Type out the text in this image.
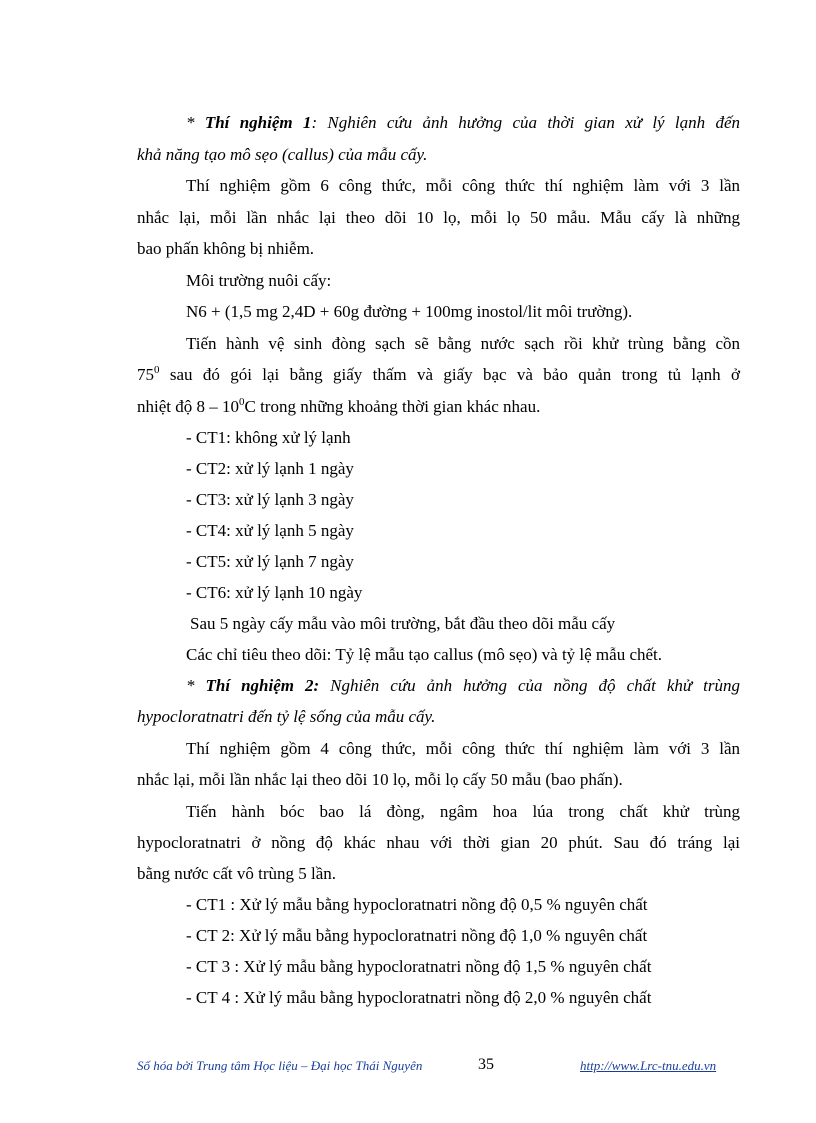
* Thí nghiệm 1: Nghiên cứu ảnh hưởng của thời gian xử lý lạnh đến
khả năng tạo mô sẹo (callus) của mẫu cấy.
Thí nghiệm gồm 6 công thức, mỗi công thức thí nghiệm làm với 3 lần
nhắc lại, mỗi lần nhắc lại theo dõi 10 lọ, mỗi lọ 50 mẫu. Mẫu cấy là những
bao phấn không bị nhiễm.
Môi trường nuôi cấy:
N6 + (1,5 mg 2,4D + 60g đường + 100mg inostol/lit môi trường).
Tiến hành vệ sinh đòng sạch sẽ bằng nước sạch rồi khử trùng bằng cồn
$75^0$ sau đó gói lại bằng giấy thấm và giấy bạc và bảo quản trong tủ lạnh ở
nhiệt độ $8 - 10^0C$ trong những khoảng thời gian khác nhau.
- CT1: không xử lý lạnh
- CT2: xử lý lạnh 1 ngày
- CT3: xử lý lạnh 3 ngày
- CT4: xử lý lạnh 5 ngày
- CT5: xử lý lạnh 7 ngày
- CT6: xử lý lạnh 10 ngày
Sau 5 ngày cấy mẫu vào môi trường, bắt đầu theo dõi mẫu cấy
Các chỉ tiêu theo dõi: Tỷ lệ mẫu tạo callus (mô sẹo) và tỷ lệ mẫu chết.
* Thí nghiệm 2: Nghiên cứu ảnh hưởng của nồng độ chất khử trùng
hypocloratnatri đến tỷ lệ sống của mẫu cấy.
Thí nghiệm gồm 4 công thức, mỗi công thức thí nghiệm làm với 3 lần
nhắc lại, mỗi lần nhắc lại theo dõi 10 lọ, mỗi lọ cấy 50 mẫu (bao phấn).
Tiến hành bóc bao lá đòng, ngâm hoa lúa trong chất khử trùng
hypocloratnatri ở nồng độ khác nhau với thời gian 20 phút. Sau đó tráng lại
bằng nước cất vô trùng 5 lần.
- CT1 : Xử lý mẫu bằng hypocloratnatri nồng độ 0,5 % nguyên chất
- CT 2: Xử lý mẫu bằng hypocloratnatri nồng độ 1,0 % nguyên chất
- CT 3 : Xử lý mẫu bằng hypocloratnatri nồng độ 1,5 % nguyên chất
- CT 4 : Xử lý mẫu bằng hypocloratnatri nồng độ 2,0 % nguyên chất
Số hóa bởi Trung tâm Học liệu – Đại học Thái Nguyên	35	http://www.Lrc-tnu.edu.vn
